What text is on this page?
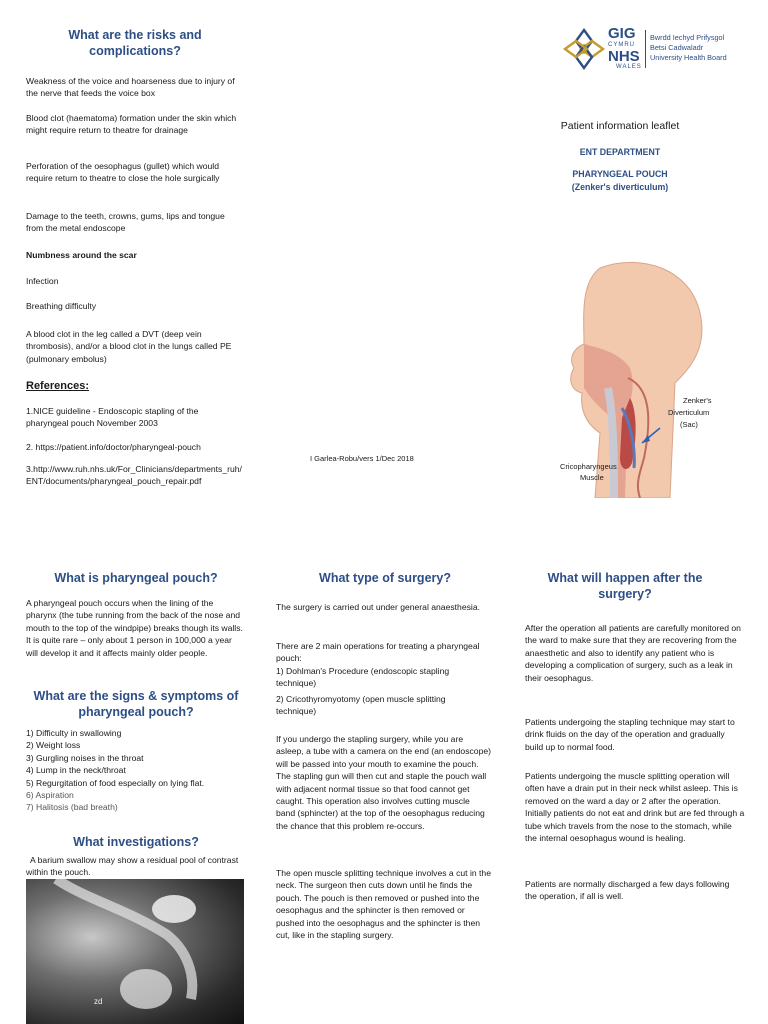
What are the risks and complications?

Weakness of the voice and hoarseness due to injury of the nerve that feeds the voice box

Blood clot (haematoma) formation under the skin which might require return to theatre for drainage

Perforation of the oesophagus (gullet) which would require return to theatre to close the hole surgically

Damage to the teeth, crowns, gums, lips and tongue from the metal endoscope

Numbness around the scar

Infection

Breathing difficulty

A blood clot in the leg called a DVT (deep vein thrombosis), and/or a blood clot in the lungs called PE (pulmonary embolus)

References:

1.NICE guideline - Endoscopic stapling of the pharyngeal pouch November 2003

2. https://patient.info/doctor/pharyngeal-pouch

3.http://www.ruh.nhs.uk/For_Clinicians/departments_ruh/ENT/documents/pharyngeal_pouch_repair.pdf

I Garlea-Robu/vers 1/Dec 2018
GIG
CYMRU
NHS
WALES
Bwrdd Iechyd Prifysgol
Betsi Cadwaladr
University Health Board
Patient information leaflet
ENT DEPARTMENT
PHARYNGEAL POUCH
(Zenker's diverticulum)
Zenker's
Diverticulum
(Sac)
Cricopharyngeus
Muscle
What is pharyngeal pouch?

A pharyngeal pouch occurs when the lining of the pharynx (the tube running from the back of the nose and mouth to the top of the windpipe) breaks though its walls. It is quite rare – only about 1 person in 100,000 a year will develop it and it affects mainly older people.

What are the signs & symptoms of pharyngeal pouch?
1) Difficulty in swallowing
2) Weight loss
3) Gurgling noises in the throat
4) Lump in the neck/throat
5) Regurgitation of food especially on lying flat.
6) Aspiration
7) Halitosis (bad breath)
What investigations?

A barium swallow may show a residual pool of contrast within the pouch.

zd
What type of surgery?

The surgery is carried out under general anaesthesia.

There are 2 main operations for treating a pharyngeal pouch:

1) Dohlman's Procedure (endoscopic stapling technique)

2) Cricothyromyotomy (open muscle splitting technique)

If you undergo the stapling surgery, while you are asleep, a tube with a camera on the end (an endoscope) will be passed into your mouth to examine the pouch. The stapling gun will then cut and staple the pouch wall with adjacent normal tissue so that food cannot get caught. This operation also involves cutting muscle band (sphincter) at the top of the oesophagus reducing the chance that this problem re-occurs.

The open muscle splitting technique involves a cut in the neck. The surgeon then cuts down until he finds the pouch. The pouch is then removed or pushed into the oesophagus and the sphincter is then removed or pushed into the oesophagus and the sphincter is then cut, like in the stapling surgery.

What will happen after the surgery?

After the operation all patients are carefully monitored on the ward to make sure that they are recovering from the anaesthetic and also to identify any patient who is developing a complication of surgery, such as a leak in their oesophagus.

Patients undergoing the stapling technique may start to drink fluids on the day of the operation and gradually build up to normal food.

Patients undergoing the muscle splitting operation will often have a drain put in their neck whilst asleep. This is removed on the ward a day or 2 after the operation. Initially patients do not eat and drink but are fed through a tube which travels from the nose to the stomach, while the internal oesophagus wound is healing.

Patients are normally discharged a few days following the operation, if all is well.
